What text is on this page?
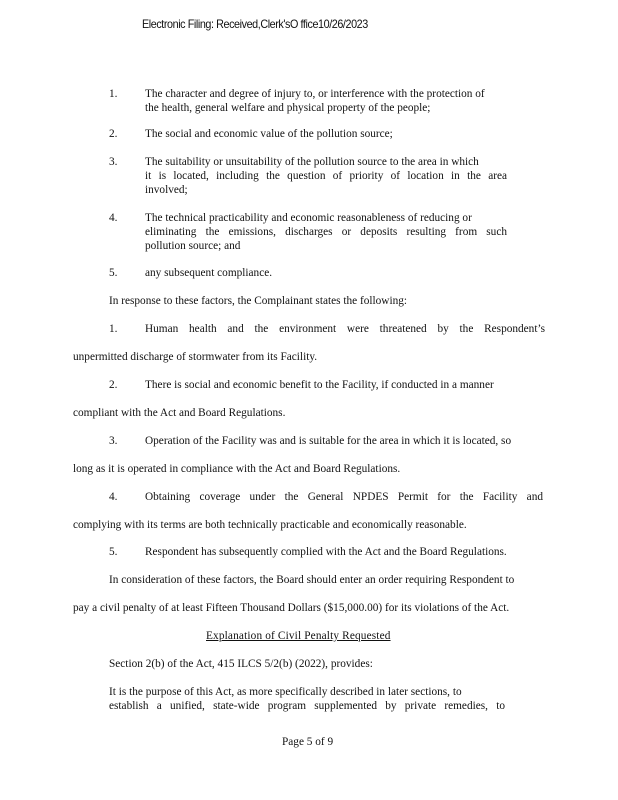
Electronic Filing: Received,Clerk'sO ffice10/26/2023
1. The character and degree of injury to, or interference with the protection of
the health, general welfare and physical property of the people;
2. The social and economic value of the pollution source;
3. The suitability or unsuitability of the pollution source to the area in which
it is located, including the question of priority of location in the area
involved;
4. The technical practicability and economic reasonableness of reducing or
eliminating the emissions, discharges or deposits resulting from such
pollution source; and
5. any subsequent compliance.
In response to these factors, the Complainant states the following:
1. Human health and the environment were threatened by the Respondent’s
unpermitted discharge of stormwater from its Facility.
2. There is social and economic benefit to the Facility, if conducted in a manner
compliant with the Act and Board Regulations.
3. Operation of the Facility was and is suitable for the area in which it is located, so
long as it is operated in compliance with the Act and Board Regulations.
4. Obtaining coverage under the General NPDES Permit for the Facility and
complying with its terms are both technically practicable and economically reasonable.
5. Respondent has subsequently complied with the Act and the Board Regulations.
In consideration of these factors, the Board should enter an order requiring Respondent to
pay a civil penalty of at least Fifteen Thousand Dollars ($15,000.00) for its violations of the Act.
Explanation of Civil Penalty Requested
Section 2(b) of the Act, 415 ILCS 5/2(b) (2022), provides:
It is the purpose of this Act, as more specifically described in later sections, to
establish a unified, state-wide program supplemented by private remedies, to
Page 5 of 9
